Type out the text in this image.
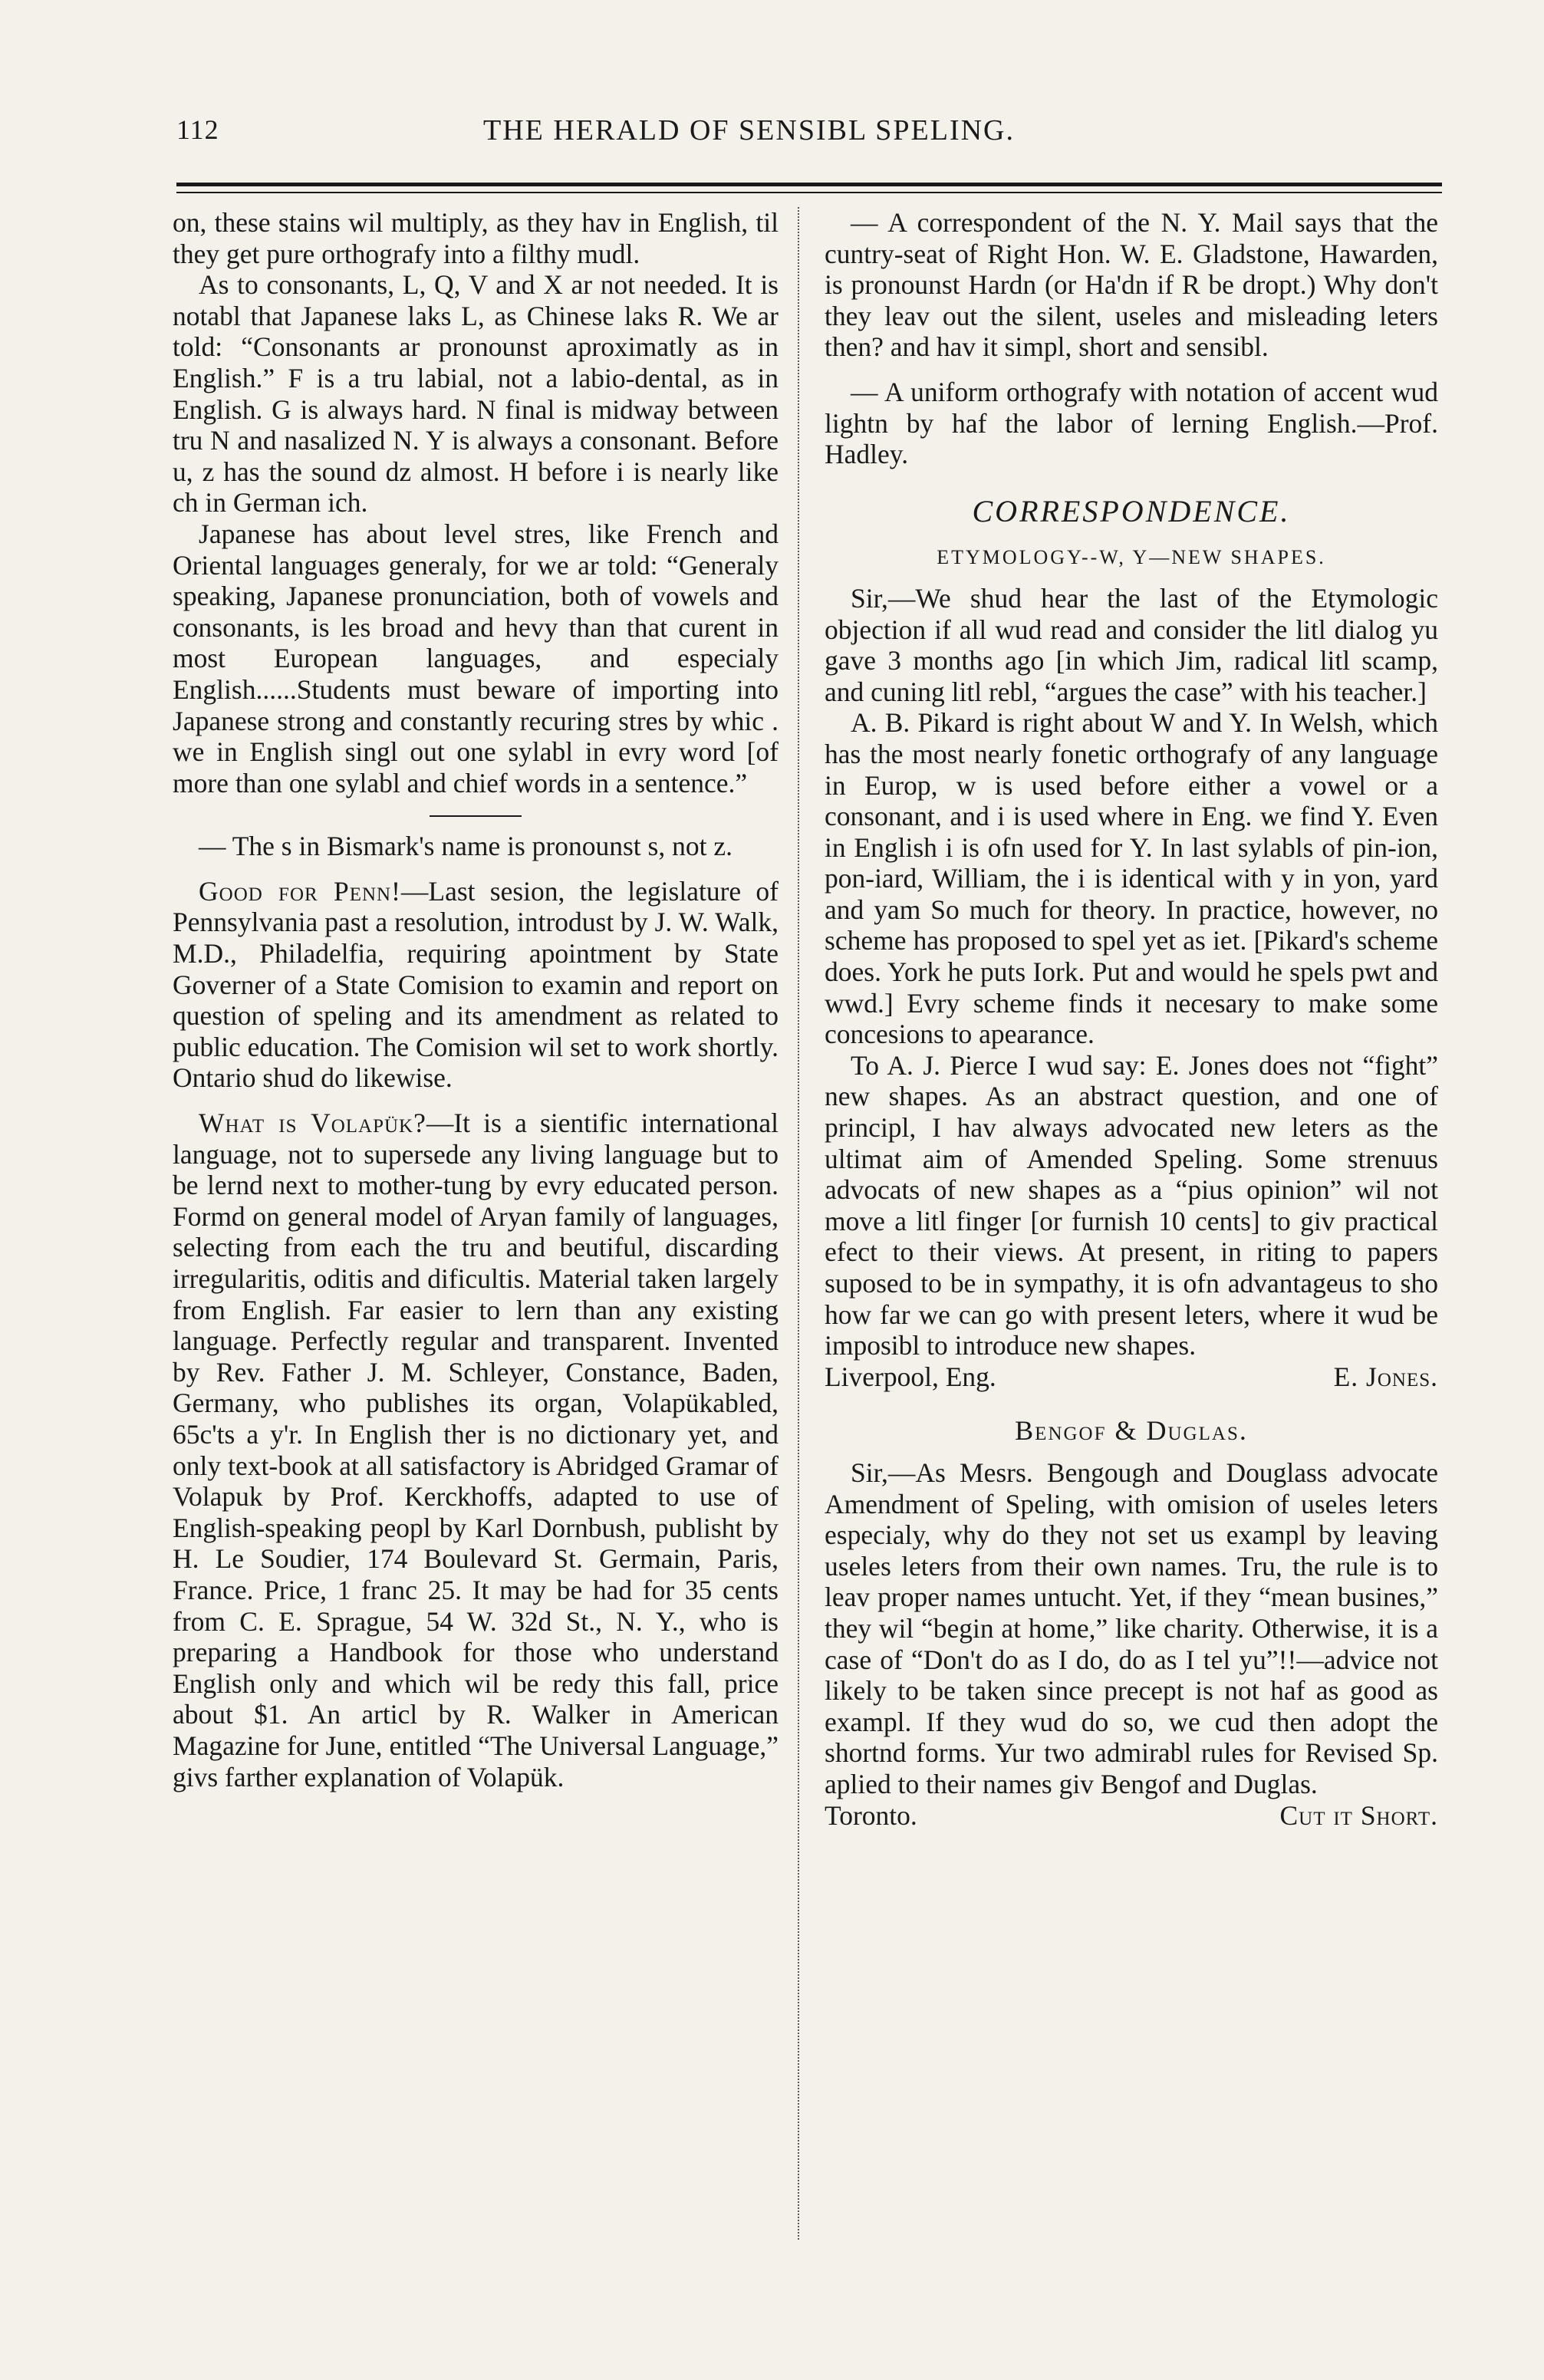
112	THE HERALD OF SENSIBL SPELING.

on, these stains wil multiply, as they hav in English, til they get pure orthografy into a filthy mudl.

As to consonants, L, Q, V and X ar not needed. It is notabl that Japanese laks L, as Chinese laks R. We ar told: “Consonants ar pronounst aproximatly as in English.” F is a tru labial, not a labio-dental, as in English. G is always hard. N final is midway between tru N and nasalized N. Y is always a consonant. Before u, z has the sound dz almost. H before i is nearly like ch in German ich.

Japanese has about level stres, like French and Oriental languages generaly, for we ar told: “Generaly speaking, Japanese pronunciation, both of vowels and consonants, is les broad and hevy than that curent in most European languages, and especialy English......Students must beware of importing into Japanese strong and constantly recuring stres by whic . we in English singl out one sylabl in evry word [of more than one sylabl and chief words in a sentence.”

— The s in Bismark's name is pronounst s, not z.

Good for Penn!—Last sesion, the legislature of Pennsylvania past a resolution, introdust by J. W. Walk, M.D., Philadelfia, requiring apointment by State Governer of a State Comision to examin and report on question of speling and its amendment as related to public education. The Comision wil set to work shortly. Ontario shud do likewise.

What is Volapük?—It is a sientific international language, not to supersede any living language but to be lernd next to mother-tung by evry educated person. Formd on general model of Aryan family of languages, selecting from each the tru and beutiful, discarding irregularitis, oditis and dificultis. Material taken largely from English. Far easier to lern than any existing language. Perfectly regular and transparent. Invented by Rev. Father J. M. Schleyer, Constance, Baden, Germany, who publishes its organ, Volapükabled, 65c'ts a y'r. In English ther is no dictionary yet, and only text-book at all satisfactory is Abridged Gramar of Volapuk by Prof. Kerckhoffs, adapted to use of English-speaking peopl by Karl Dornbush, publisht by H. Le Soudier, 174 Boulevard St. Germain, Paris, France. Price, 1 franc 25. It may be had for 35 cents from C. E. Sprague, 54 W. 32d St., N. Y., who is preparing a Handbook for those who understand English only and which wil be redy this fall, price about $1. An articl by R. Walker in American Magazine for June, entitled “The Universal Language,” givs farther explanation of Volapük.

— A correspondent of the N. Y. Mail says that the cuntry-seat of Right Hon. W. E. Gladstone, Hawarden, is pronounst Hardn (or Ha'dn if R be dropt.) Why don't they leav out the silent, useles and misleading leters then? and hav it simpl, short and sensibl.

— A uniform orthografy with notation of accent wud lightn by haf the labor of lerning English.—Prof. Hadley.

CORRESPONDENCE.
ETYMOLOGY--W, Y—NEW SHAPES.

Sir,—We shud hear the last of the Etymologic objection if all wud read and consider the litl dialog yu gave 3 months ago [in which Jim, radical litl scamp, and cuning litl rebl, “argues the case” with his teacher.]

A. B. Pikard is right about W and Y. In Welsh, which has the most nearly fonetic orthografy of any language in Europ, w is used before either a vowel or a consonant, and i is used where in Eng. we find Y. Even in English i is ofn used for Y. In last sylabls of pin-ion, pon-iard, William, the i is identical with y in yon, yard and yam So much for theory. In practice, however, no scheme has proposed to spel yet as iet. [Pikard's scheme does. York he puts Iork. Put and would he spels pwt and wwd.] Evry scheme finds it necesary to make some concesions to apearance.

To A. J. Pierce I wud say: E. Jones does not “fight” new shapes. As an abstract question, and one of principl, I hav always advocated new leters as the ultimat aim of Amended Speling. Some strenuus advocats of new shapes as a “pius opinion” wil not move a litl finger [or furnish 10 cents] to giv practical efect to their views. At present, in riting to papers suposed to be in sympathy, it is ofn advantageus to sho how far we can go with present leters, where it wud be imposibl to introduce new shapes.

Liverpool, Eng.	E. Jones.
Bengof & Duglas.

Sir,—As Mesrs. Bengough and Douglass advocate Amendment of Speling, with omision of useles leters especialy, why do they not set us exampl by leaving useles leters from their own names. Tru, the rule is to leav proper names untucht. Yet, if they “mean busines,” they wil “begin at home,” like charity. Otherwise, it is a case of “Don't do as I do, do as I tel yu”!!—advice not likely to be taken since precept is not haf as good as exampl. If they wud do so, we cud then adopt the shortnd forms. Yur two admirabl rules for Revised Sp. aplied to their names giv Bengof and Duglas.

Toronto.	Cut it Short.
